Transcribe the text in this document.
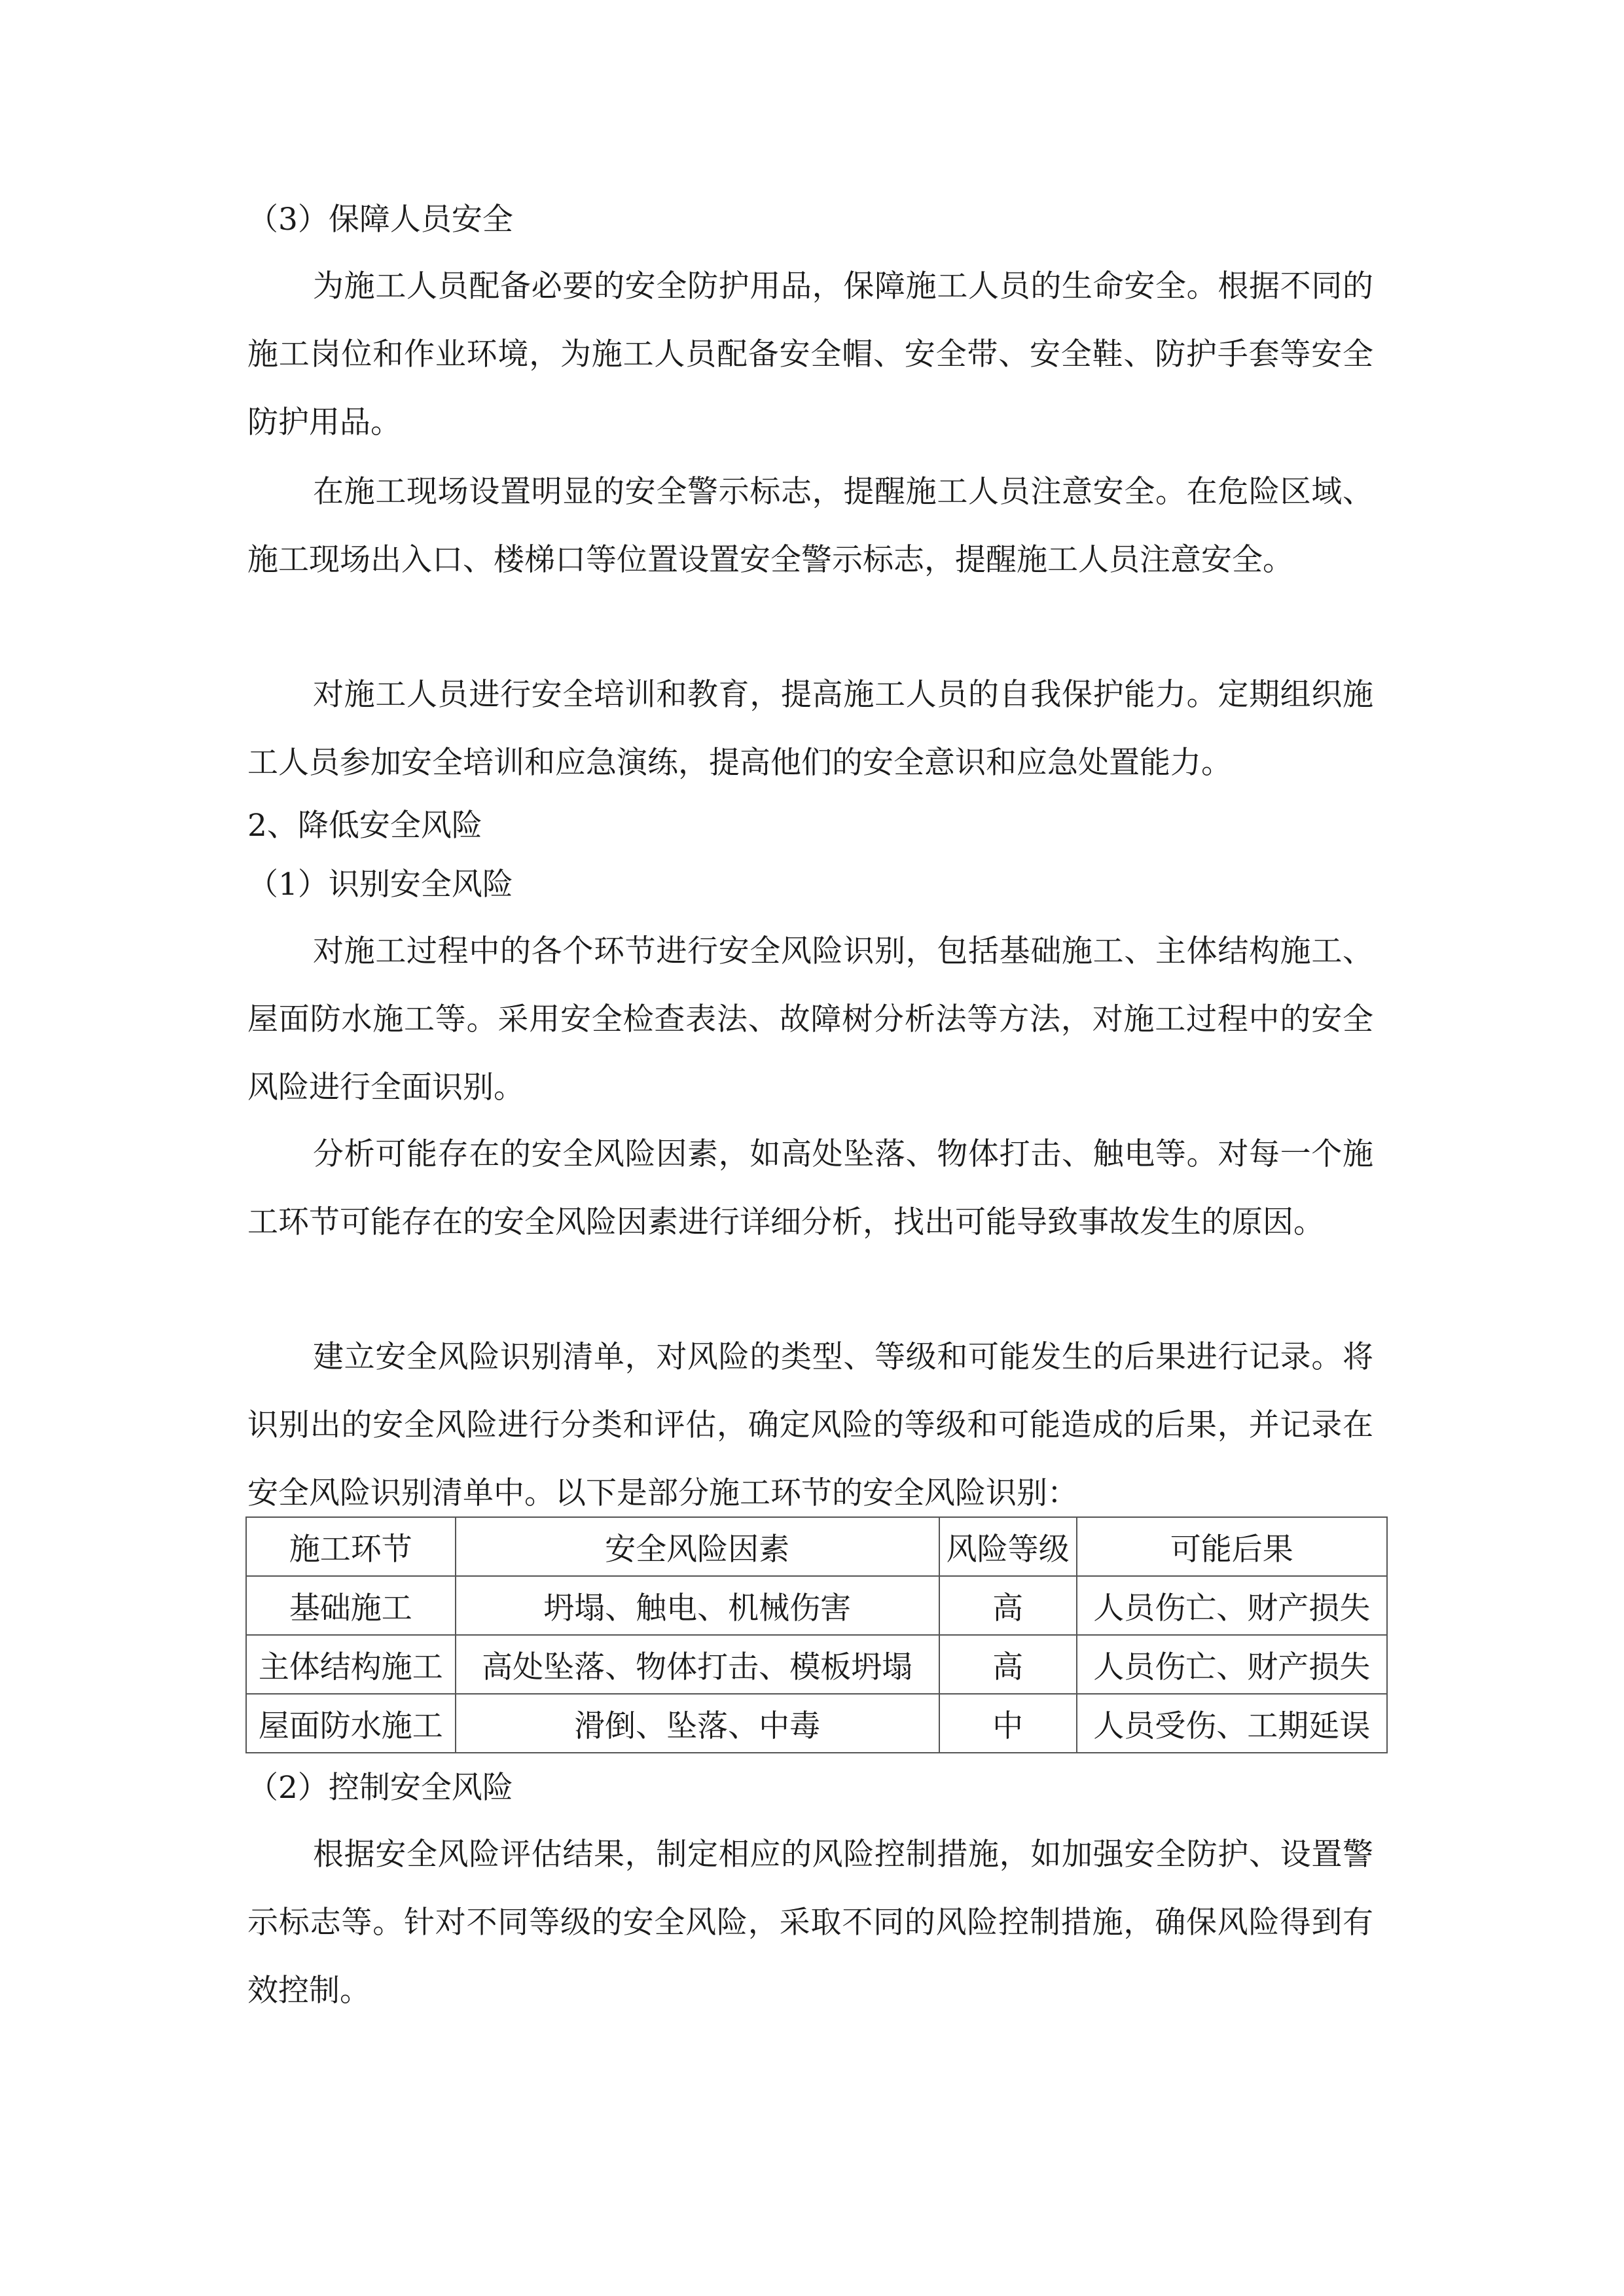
（3）保障人员安全

为施工人员配备必要的安全防护用品，保障施工人员的生命安全。根据不同的施工岗位和作业环境，为施工人员配备安全帽、安全带、安全鞋、防护手套等安全防护用品。

在施工现场设置明显的安全警示标志，提醒施工人员注意安全。在危险区域、施工现场出入口、楼梯口等位置设置安全警示标志，提醒施工人员注意安全。

对施工人员进行安全培训和教育，提高施工人员的自我保护能力。定期组织施工人员参加安全培训和应急演练，提高他们的安全意识和应急处置能力。

2、降低安全风险
（1）识别安全风险

对施工过程中的各个环节进行安全风险识别，包括基础施工、主体结构施工、屋面防水施工等。采用安全检查表法、故障树分析法等方法，对施工过程中的安全风险进行全面识别。

分析可能存在的安全风险因素，如高处坠落、物体打击、触电等。对每一个施工环节可能存在的安全风险因素进行详细分析，找出可能导致事故发生的原因。

建立安全风险识别清单，对风险的类型、等级和可能发生的后果进行记录。将识别出的安全风险进行分类和评估，确定风险的等级和可能造成的后果，并记录在安全风险识别清单中。以下是部分施工环节的安全风险识别：

施工环节	安全风险因素	风险等级	可能后果
基础施工	坍塌、触电、机械伤害	高	人员伤亡、财产损失
主体结构施工	高处坠落、物体打击、模板坍塌	高	人员伤亡、财产损失
屋面防水施工	滑倒、坠落、中毒	中	人员受伤、工期延误
（2）控制安全风险

根据安全风险评估结果，制定相应的风险控制措施，如加强安全防护、设置警示标志等。针对不同等级的安全风险，采取不同的风险控制措施，确保风险得到有效控制。
